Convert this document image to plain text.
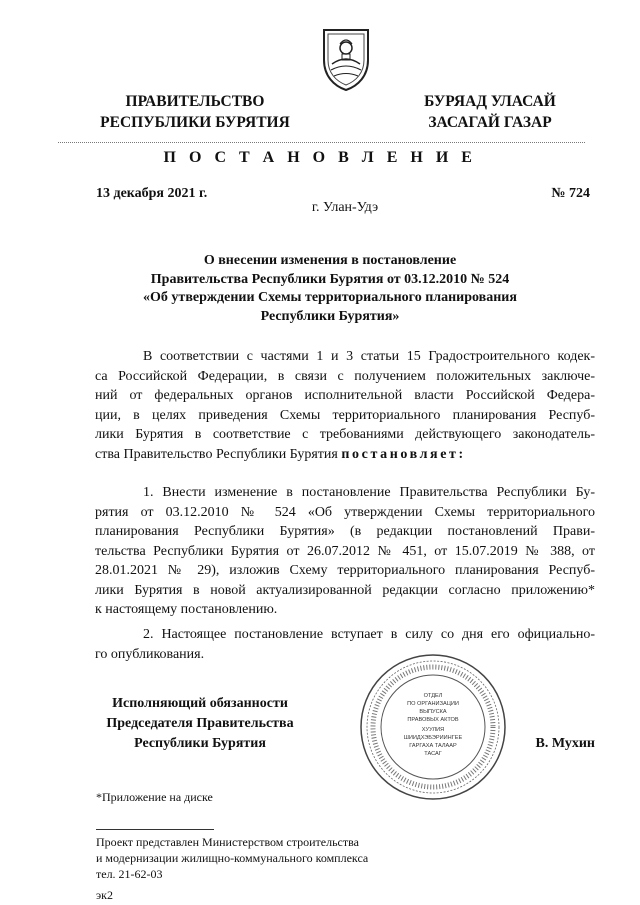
ПРАВИТЕЛЬСТВО
РЕСПУБЛИКИ БУРЯТИЯ
БУРЯАД УЛАСАЙ
ЗАСАГАЙ ГАЗАР
П О С Т А Н О В Л Е Н И Е
13 декабря 2021 г.	№ 724
г. Улан-Удэ
О внесении изменения в постановление
Правительства Республики Бурятия от 03.12.2010 № 524
«Об утверждении Схемы территориального планирования
Республики Бурятия»
В соответствии с частями 1 и 3 статьи 15 Градостроительного кодек-
са Российской Федерации, в связи с получением положительных заключе-
ний от федеральных органов исполнительной власти Российской Федера-
ции, в целях приведения Схемы территориального планирования Респуб-
лики Бурятия в соответствие с требованиями действующего законодатель-
ства Правительство Республики Бурятия постановляет:
1. Внести изменение в постановление Правительства Республики Бу-
рятия от 03.12.2010 № 524 «Об утверждении Схемы территориального
планирования Республики Бурятия» (в редакции постановлений Прави-
тельства Республики Бурятия от 26.07.2012 № 451, от 15.07.2019 № 388, от
28.01.2021 № 29), изложив Схему территориального планирования Респуб-
лики Бурятия в новой актуализированной редакции согласно приложению*
к настоящему постановлению.
2. Настоящее постановление вступает в силу со дня его официально-
го опубликования.
ОТДЕЛ
ПО ОРГАНИЗАЦИИ
ВЫПУСКА
ПРАВОВЫХ АКТОВ
ХУУЛИЯ
ШИИДХЭБЭРИИНГЕЕ
ГАРГАХА ТАЛААР
ТАСАГ
Исполняющий обязанности
Председателя Правительства
Республики Бурятия	В. Мухин
*Приложение на диске
Проект представлен Министерством строительства
и модернизации жилищно-коммунального комплекса
тел. 21-62-03
эк2
